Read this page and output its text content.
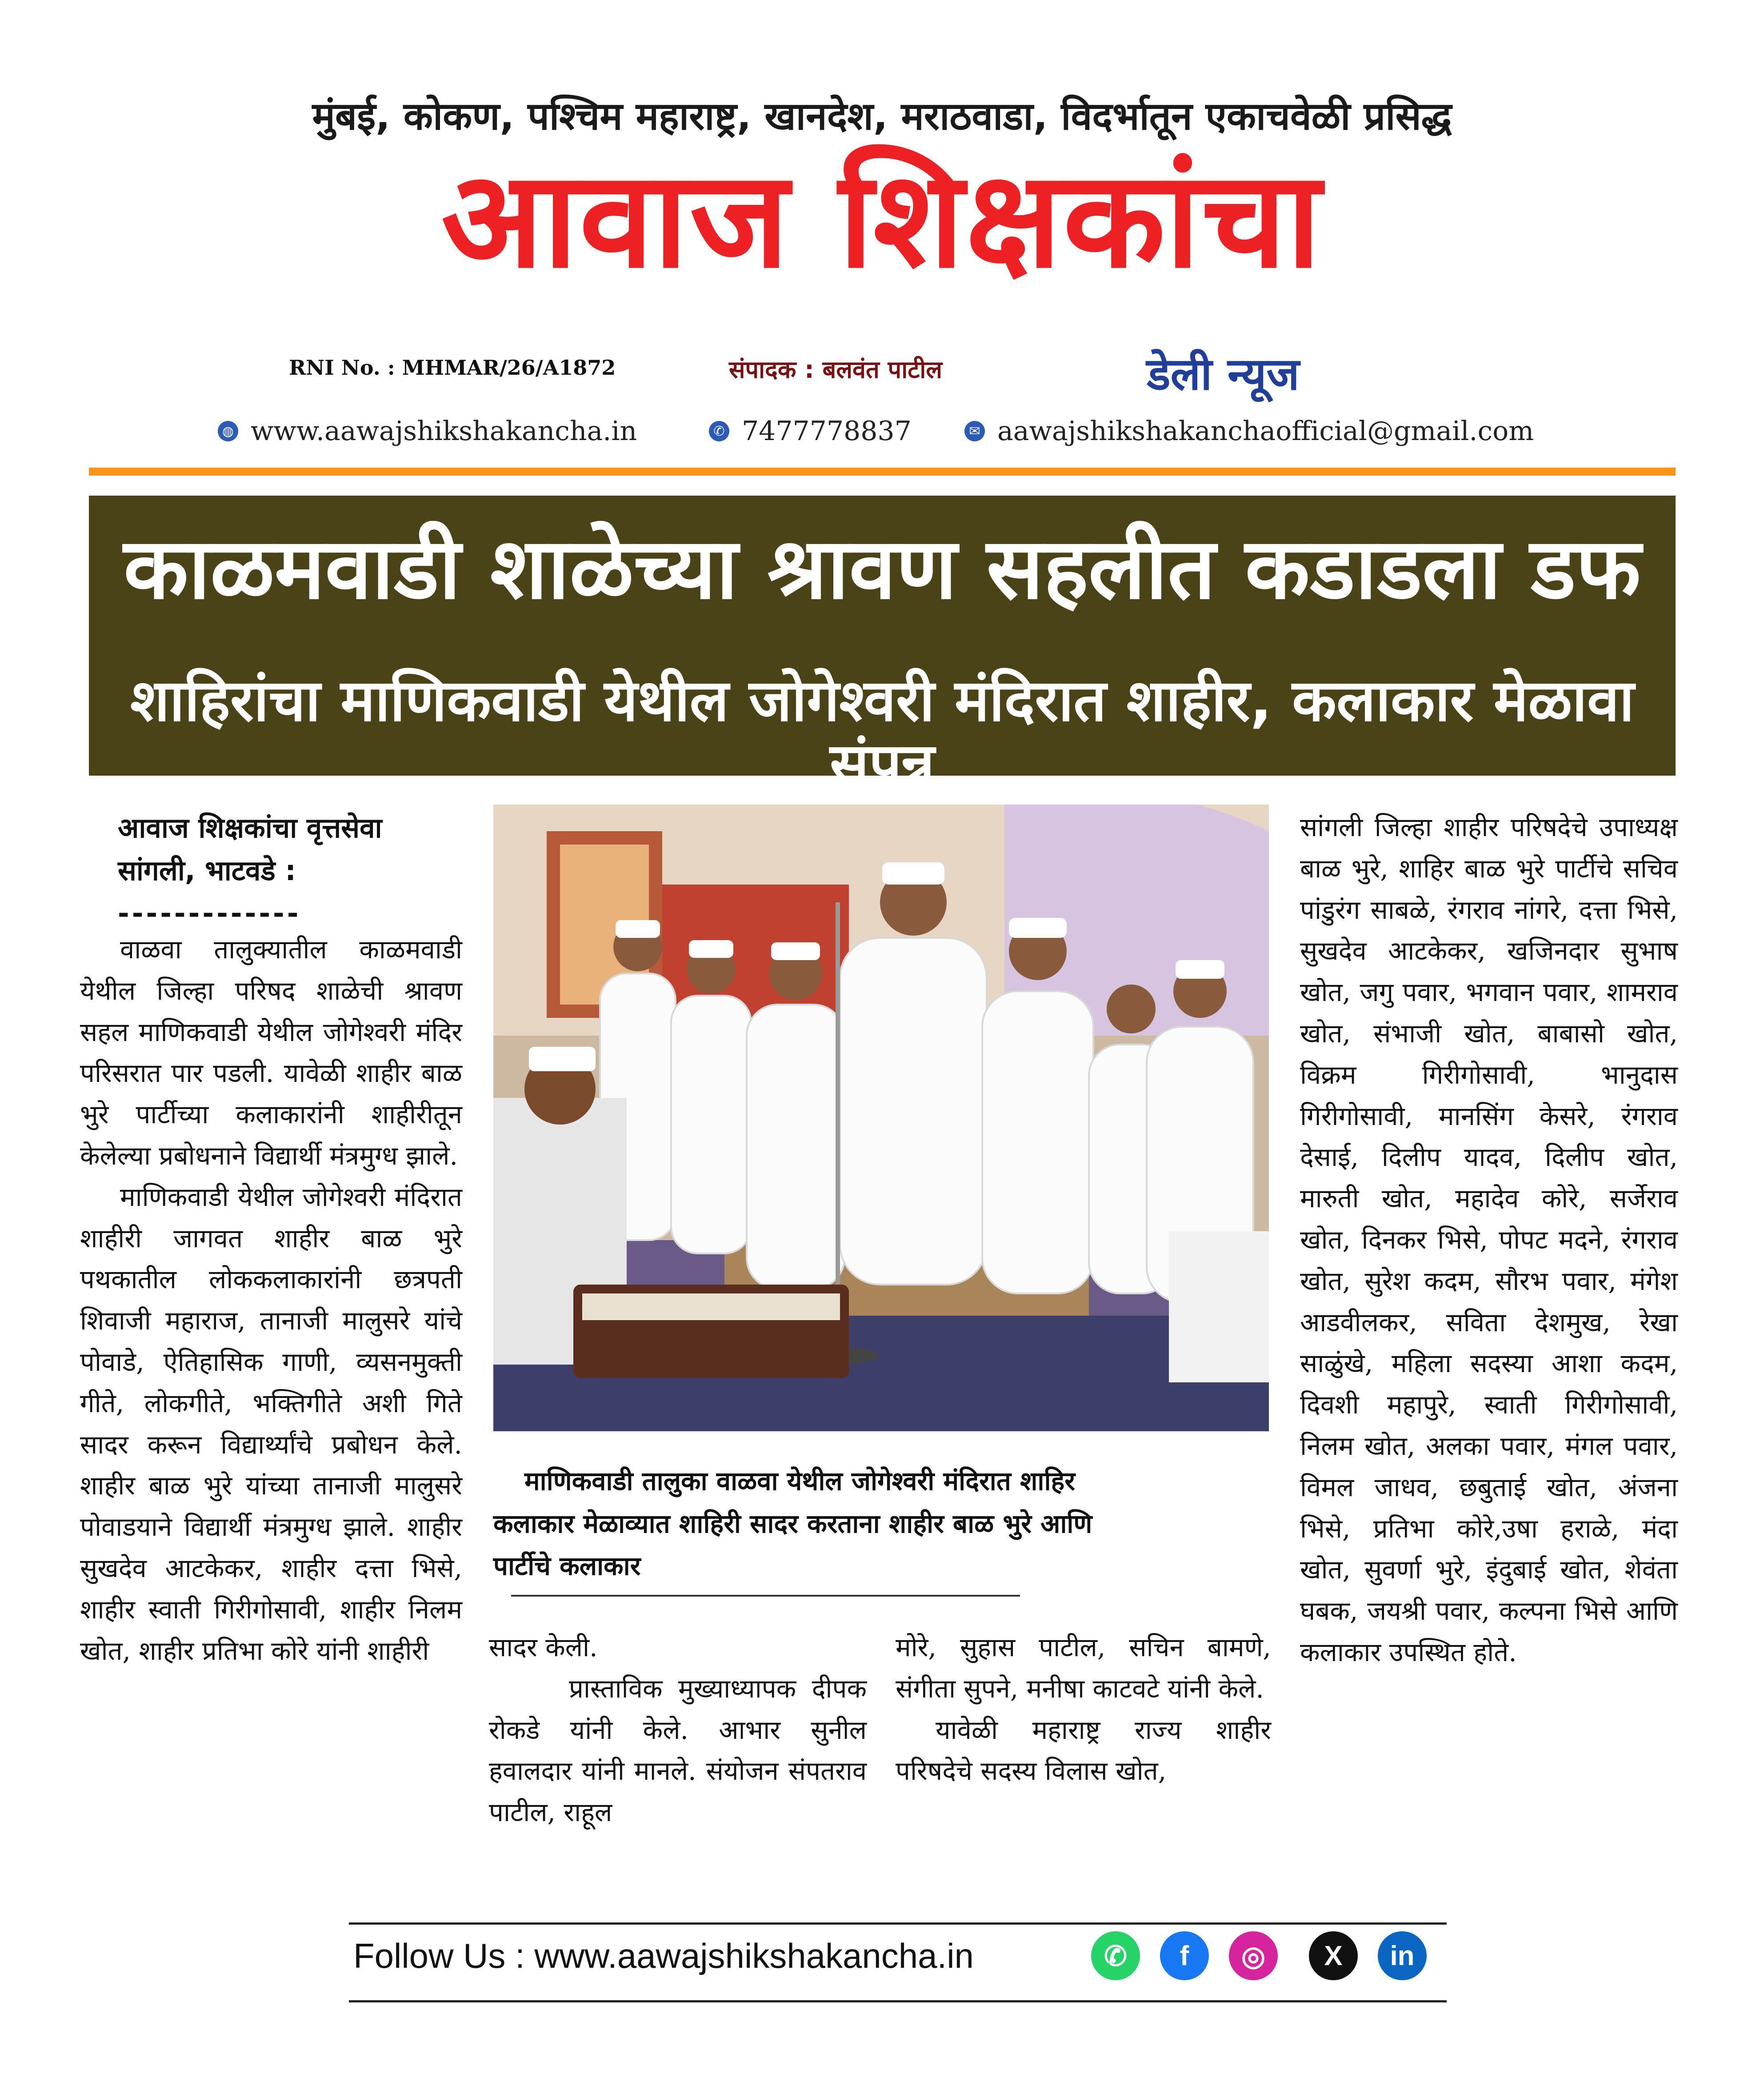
मुंबई, कोकण, पश्चिम महाराष्ट्र, खानदेश, मराठवाडा, विदर्भातून एकाचवेळी प्रसिद्ध
आवाज शिक्षकांचा
RNI No. : MHMAR/26/A1872	संपादक : बलवंत पाटील	डेली न्यूज
◍ www.aawajshikshakancha.in	✆ 7477778837	✉ aawajshikshakanchaofficial@gmail.com
काळमवाडी शाळेच्या श्रावण सहलीत कडाडला डफ
शाहिरांचा माणिकवाडी येथील जोगेश्वरी मंदिरात शाहीर, कलाकार मेळावा संपन्न
आवाज शिक्षकांचा वृत्तसेवा
सांगली, भाटवडे :
-------------

वाळवा तालुक्यातील काळमवाडी येथील जिल्हा परिषद शाळेची श्रावण सहल माणिकवाडी येथील जोगेश्वरी मंदिर परिसरात पार पडली. यावेळी शाहीर बाळ भुरे पार्टीच्या कलाकारांनी शाहीरीतून केलेल्या प्रबोधनाने विद्यार्थी मंत्रमुग्ध झाले.

माणिकवाडी येथील जोगेश्वरी मंदिरात शाहीरी जागवत शाहीर बाळ भुरे पथकातील लोककलाकारांनी छत्रपती शिवाजी महाराज, तानाजी मालुसरे यांचे पोवाडे, ऐतिहासिक गाणी, व्यसनमुक्ती गीते, लोकगीते, भक्तिगीते अशी गिते सादर करून विद्यार्थ्यांचे प्रबोधन केले. शाहीर बाळ भुरे यांच्या तानाजी मालुसरे पोवाडयाने विद्यार्थी मंत्रमुग्ध झाले. शाहीर सुखदेव आटकेकर, शाहीर दत्ता भिसे, शाहीर स्वाती गिरीगोसावी, शाहीर निलम खोत, शाहीर प्रतिभा कोरे यांनी शाहीरी

माणिकवाडी तालुका वाळवा येथील जोगेश्वरी मंदिरात शाहिर
कलाकार मेळाव्यात शाहिरी सादर करताना शाहीर बाळ भुरे आणि
पार्टीचे कलाकार

सादर केली.

प्रास्ताविक मुख्याध्यापक दीपक रोकडे यांनी केले. आभार सुनील हवालदार यांनी मानले. संयोजन संपतराव पाटील, राहूल

मोरे, सुहास पाटील, सचिन बामणे, संगीता सुपने, मनीषा काटवटे यांनी केले.

यावेळी महाराष्ट्र राज्य शाहीर परिषदेचे सदस्य विलास खोत,

सांगली जिल्हा शाहीर परिषदेचे उपाध्यक्ष बाळ भुरे, शाहिर बाळ भुरे पार्टीचे सचिव पांडुरंग साबळे, रंगराव नांगरे, दत्ता भिसे, सुखदेव आटकेकर, खजिनदार सुभाष खोत, जगु पवार, भगवान पवार, शामराव खोत, संभाजी खोत, बाबासो खोत, विक्रम गिरीगोसावी, भानुदास गिरीगोसावी, मानसिंग केसरे, रंगराव देसाई, दिलीप यादव, दिलीप खोत, मारुती खोत, महादेव कोरे, सर्जेराव खोत, दिनकर भिसे, पोपट मदने, रंगराव खोत, सुरेश कदम, सौरभ पवार, मंगेश आडवीलकर, सविता देशमुख, रेखा साळुंखे, महिला सदस्या आशा कदम, दिवशी महापुरे, स्वाती गिरीगोसावी, निलम खोत, अलका पवार, मंगल पवार, विमल जाधव, छबुताई खोत, अंजना भिसे, प्रतिभा कोरे,उषा हराळे, मंदा खोत, सुवर्णा भुरे, इंदुबाई खोत, शेवंता घबक, जयश्री पवार, कल्पना भिसे आणि कलाकार उपस्थित होते.

Follow Us : www.aawajshikshakancha.in	✆	f	◎	X	in
